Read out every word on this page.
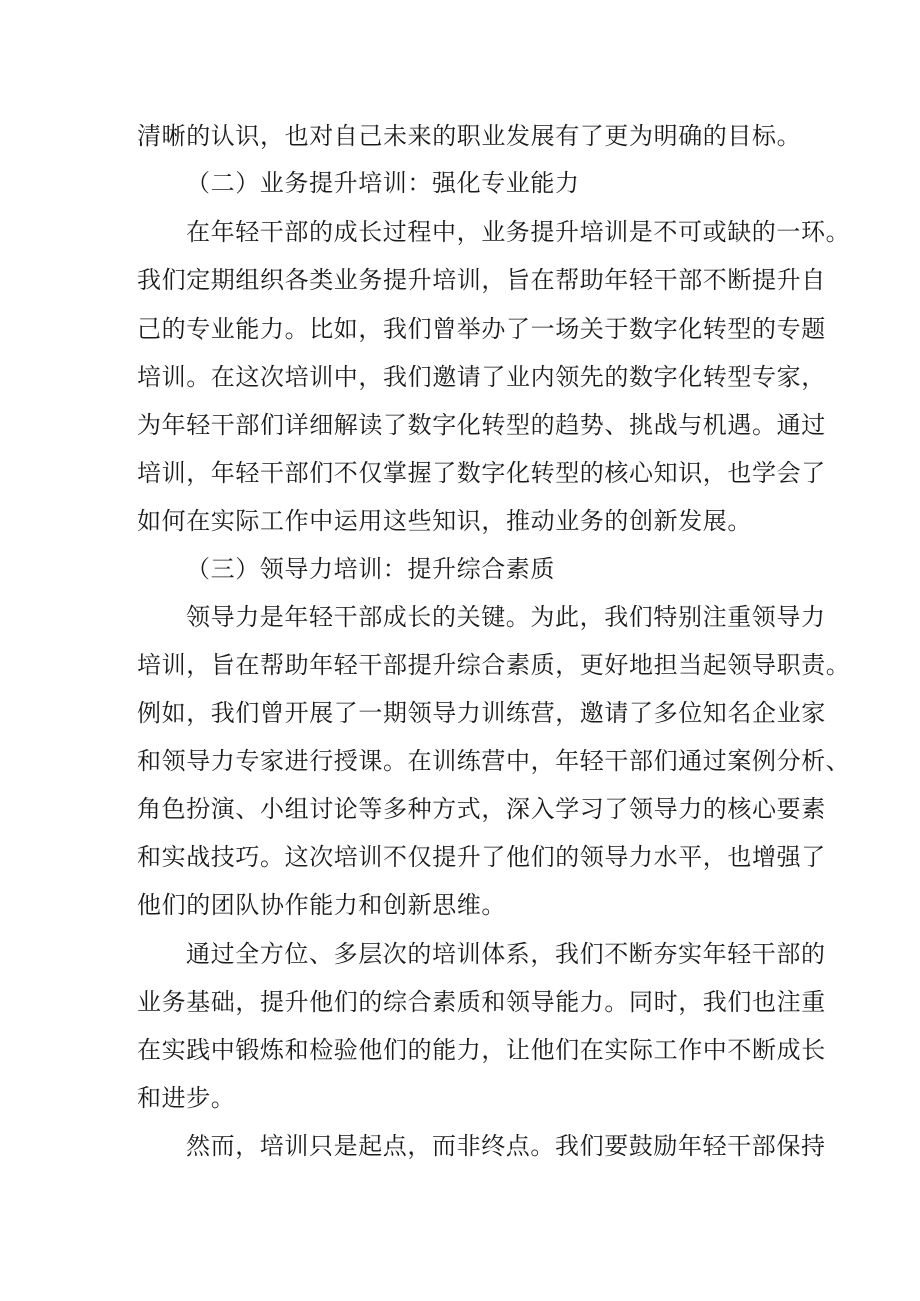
清晰的认识，也对自己未来的职业发展有了更为明确的目标。
（二）业务提升培训：强化专业能力
在年轻干部的成长过程中，业务提升培训是不可或缺的一环。
我们定期组织各类业务提升培训，旨在帮助年轻干部不断提升自
己的专业能力。比如，我们曾举办了一场关于数字化转型的专题
培训。在这次培训中，我们邀请了业内领先的数字化转型专家，
为年轻干部们详细解读了数字化转型的趋势、挑战与机遇。通过
培训，年轻干部们不仅掌握了数字化转型的核心知识，也学会了
如何在实际工作中运用这些知识，推动业务的创新发展。
（三）领导力培训：提升综合素质
领导力是年轻干部成长的关键。为此，我们特别注重领导力
培训，旨在帮助年轻干部提升综合素质，更好地担当起领导职责。
例如，我们曾开展了一期领导力训练营，邀请了多位知名企业家
和领导力专家进行授课。在训练营中，年轻干部们通过案例分析、
角色扮演、小组讨论等多种方式，深入学习了领导力的核心要素
和实战技巧。这次培训不仅提升了他们的领导力水平，也增强了
他们的团队协作能力和创新思维。
通过全方位、多层次的培训体系，我们不断夯实年轻干部的
业务基础，提升他们的综合素质和领导能力。同时，我们也注重
在实践中锻炼和检验他们的能力，让他们在实际工作中不断成长
和进步。
然而，培训只是起点，而非终点。我们要鼓励年轻干部保持
